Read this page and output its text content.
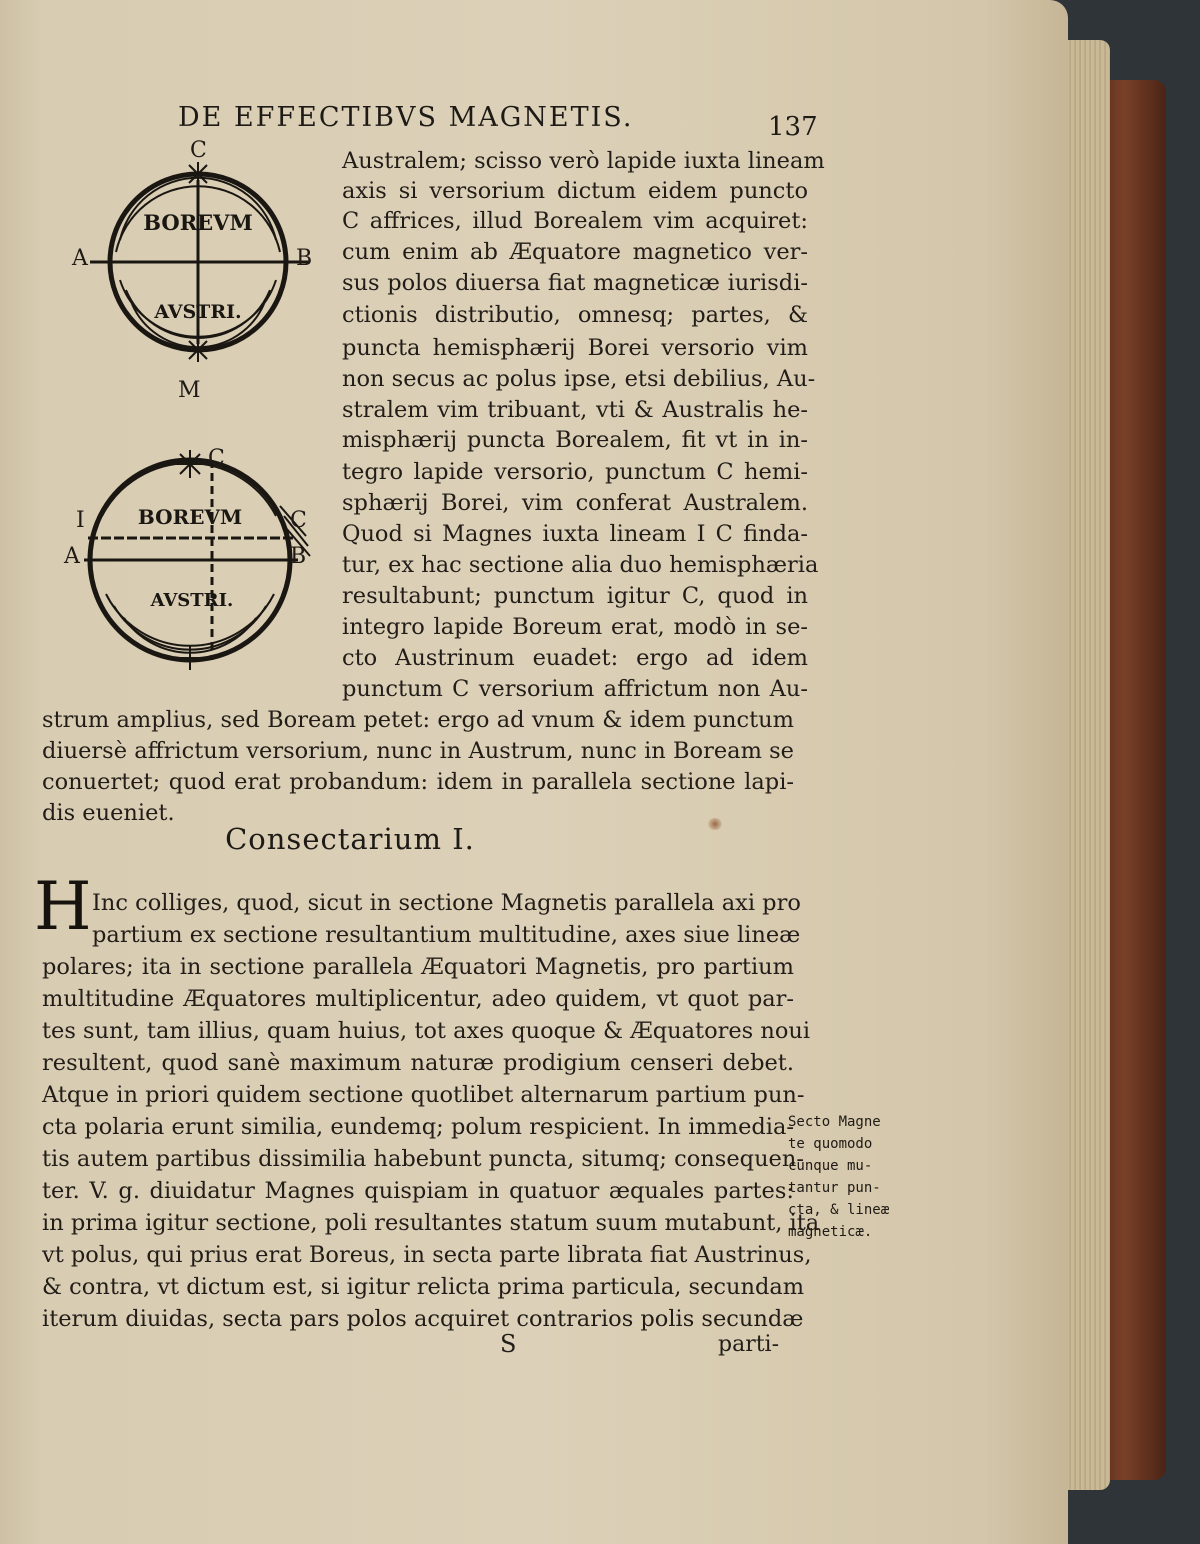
DE EFFECTIBVS MAGNETIS.	137
BOREVM
AVSTRI.
C
M
A	B
BOREVM
AVSTRI.
C
I
A
C
B
Australem; scisso verò lapide iuxta lineam
axis si versorium dictum eidem puncto
C affrices, illud Borealem vim acquiret:
cum enim ab Æquatore magnetico ver-
sus polos diuersa fiat magneticæ iurisdi-
ctionis distributio, omnesq; partes, &
puncta hemisphærij Borei versorio vim
non secus ac polus ipse, etsi debilius, Au-
stralem vim tribuant, vti & Australis he-
misphærij puncta Borealem, fit vt in in-
tegro lapide versorio, punctum C hemi-
sphærij Borei, vim conferat Australem.
Quod si Magnes iuxta lineam I C finda-
tur, ex hac sectione alia duo hemisphæria
resultabunt; punctum igitur C, quod in
integro lapide Boreum erat, modò in se-
cto Austrinum euadet: ergo ad idem
punctum C versorium affrictum non Au-
strum amplius, sed Boream petet: ergo ad vnum & idem punctum
diuersè affrictum versorium, nunc in Austrum, nunc in Boream se
conuertet; quod erat probandum: idem in parallela sectione lapi-
dis eueniet.
Consectarium I.
H Inc colliges, quod, sicut in sectione Magnetis parallela axi pro
partium ex sectione resultantium multitudine, axes siue lineæ
polares; ita in sectione parallela Æquatori Magnetis, pro partium
multitudine Æquatores multiplicentur, adeo quidem, vt quot par-
tes sunt, tam illius, quam huius, tot axes quoque & Æquatores noui
resultent, quod sanè maximum naturæ prodigium censeri debet.
Atque in priori quidem sectione quotlibet alternarum partium pun-
cta polaria erunt similia, eundemq; polum respicient. In immedia-
tis autem partibus dissimilia habebunt puncta, situmq; consequen-
ter. V. g. diuidatur Magnes quispiam in quatuor æquales partes:
in prima igitur sectione, poli resultantes statum suum mutabunt, ita
vt polus, qui prius erat Boreus, in secta parte librata fiat Austrinus,
& contra, vt dictum est, si igitur relicta prima particula, secundam
iterum diuidas, secta pars polos acquiret contrarios polis secundæ
Secto Magne
te quomodo
cunque mu-
tantur pun-
cta, & lineæ
magneticæ.
S	parti-
